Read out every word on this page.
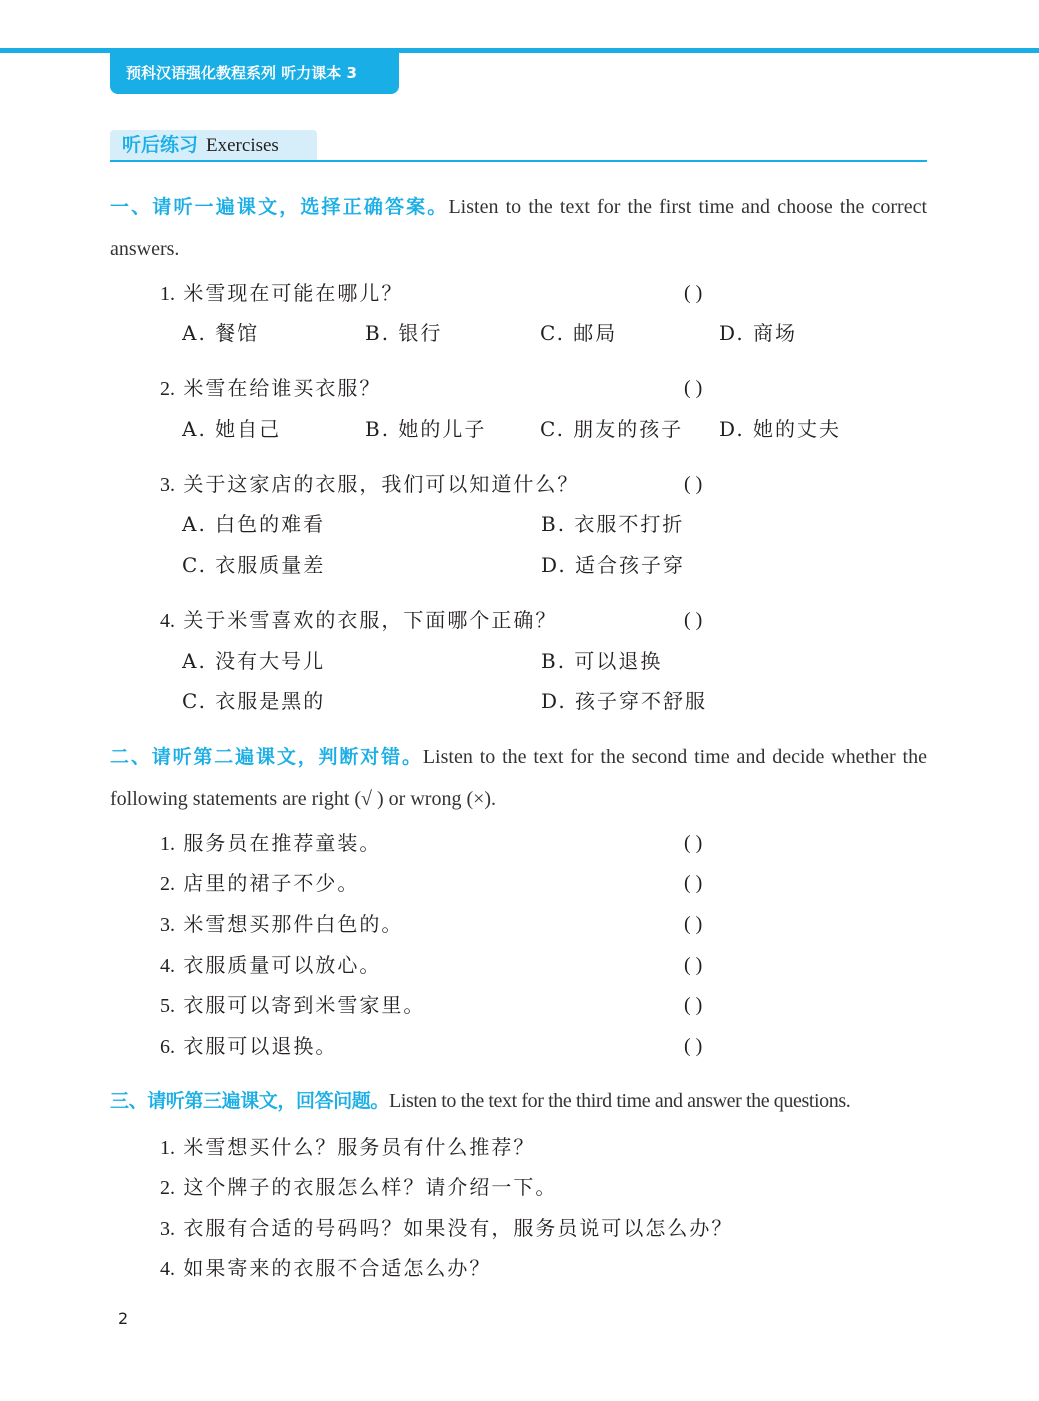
预科汉语强化教程系列 听力课本 3
听后练习 Exercises
一、请听一遍课文，选择正确答案。Listen to the text for the first time and choose the correct answers.
1. 米雪现在可能在哪儿？	( )
A. 餐馆	B. 银行	C. 邮局	D. 商场
2. 米雪在给谁买衣服？	( )
A. 她自己	B. 她的儿子	C. 朋友的孩子 D. 她的丈夫
3. 关于这家店的衣服，我们可以知道什么？	( )
A. 白色的难看	B. 衣服不打折
C. 衣服质量差	D. 适合孩子穿
4. 关于米雪喜欢的衣服，下面哪个正确？	( )
A. 没有大号儿	B. 可以退换
C. 衣服是黑的	D. 孩子穿不舒服
二、请听第二遍课文，判断对错。Listen to the text for the second time and decide whether the following statements are right (√ ) or wrong (×).
1. 服务员在推荐童装。	( )
2. 店里的裙子不少。	( )
3. 米雪想买那件白色的。	( )
4. 衣服质量可以放心。	( )
5. 衣服可以寄到米雪家里。	( )
6. 衣服可以退换。	( )
三、请听第三遍课文，回答问题。Listen to the text for the third time and answer the questions.
1. 米雪想买什么？服务员有什么推荐？
2. 这个牌子的衣服怎么样？请介绍一下。
3. 衣服有合适的号码吗？如果没有，服务员说可以怎么办？
4. 如果寄来的衣服不合适怎么办？
2
